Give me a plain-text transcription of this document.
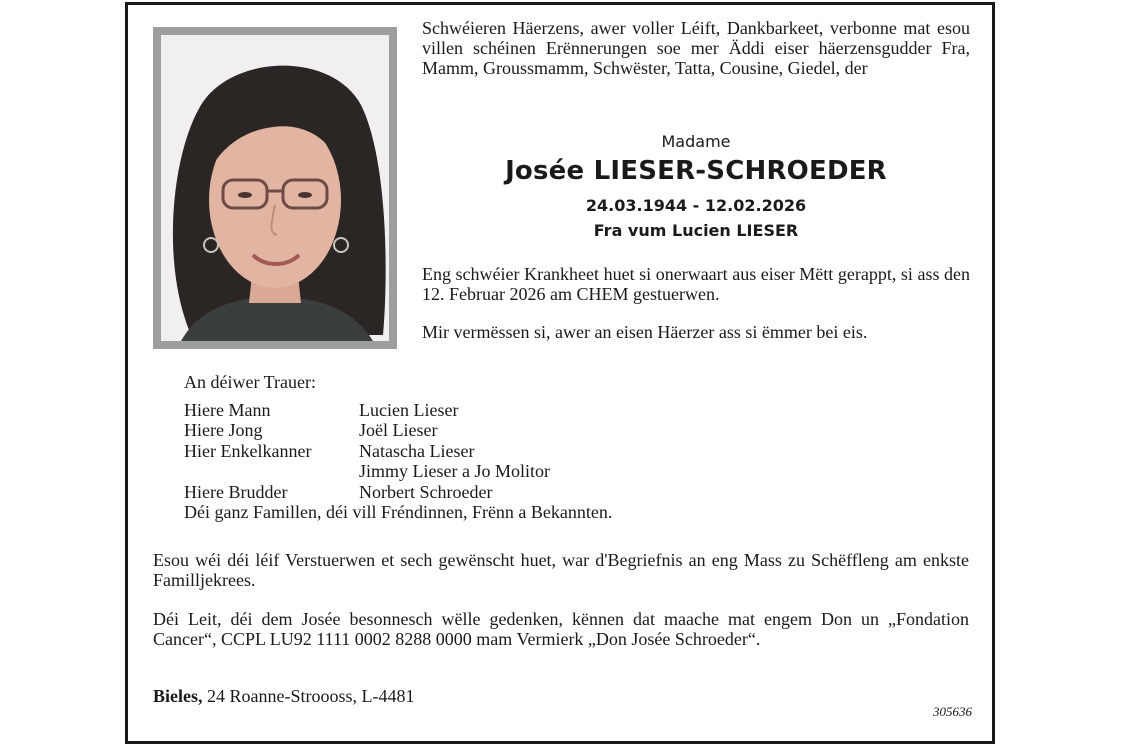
Schwéieren Häerzens, awer voller Léift, Dankbarkeet, verbonne mat esou villen schéinen Erënnerungen soe mer Äddi eiser häerzensgudder Fra, Mamm, Groussmamm, Schwëster, Tatta, Cousine, Giedel, der

Madame

Josée LIESER-SCHROEDER

24.03.1944 - 12.02.2026

Fra vum Lucien LIESER

Eng schwéier Krankheet huet si onerwaart aus eiser Mëtt gerappt, si ass den 12. Februar 2026 am CHEM gestuerwen.

Mir vermëssen si, awer an eisen Häerzer ass si ëmmer bei eis.

An déiwer Trauer:

Hiere Mann	Lucien Lieser
Hiere Jong	Joël Lieser
Hier Enkelkanner	Natascha Lieser
Jimmy Lieser a Jo Molitor
Hiere Brudder	Norbert Schroeder

Déi ganz Famillen, déi vill Fréndinnen, Frënn a Bekannten.

Esou wéi déi léif Verstuerwen et sech gewënscht huet, war d'Begriefnis an eng Mass zu Schëffleng am enkste Familljekrees.

Déi Leit, déi dem Josée besonnesch wëlle gedenken, kënnen dat maache mat engem Don un „Fondation Cancer“, CCPL LU92 1111 0002 8288 0000 mam Vermierk „Don Josée Schroeder“.

Bieles, 24 Roanne-Stroooss, L-4481

305636
